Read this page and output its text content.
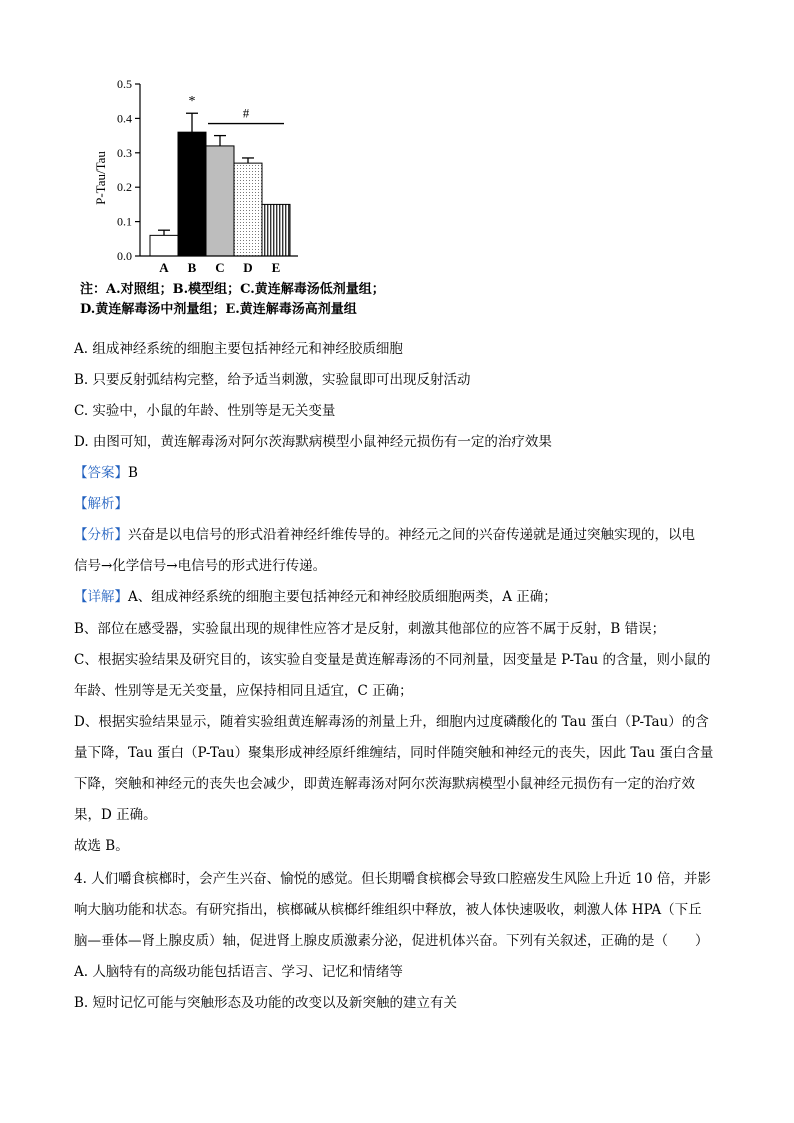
0.0
0.1
0.2
0.3
0.4
0.5
A B C D E
P-Tau/Tau
*
#
注：A.对照组；B.模型组；C.黄连解毒汤低剂量组；
D.黄连解毒汤中剂量组；E.黄连解毒汤高剂量组
A. 组成神经系统的细胞主要包括神经元和神经胶质细胞
B. 只要反射弧结构完整，给予适当刺激，实验鼠即可出现反射活动
C. 实验中，小鼠的年龄、性别等是无关变量
D. 由图可知，黄连解毒汤对阿尔茨海默病模型小鼠神经元损伤有一定的治疗效果
【答案】B
【解析】
【分析】兴奋是以电信号的形式沿着神经纤维传导的。神经元之间的兴奋传递就是通过突触实现的，以电
信号→化学信号→电信号的形式进行传递。
【详解】A、组成神经系统的细胞主要包括神经元和神经胶质细胞两类，A 正确；
B、部位在感受器，实验鼠出现的规律性应答才是反射，刺激其他部位的应答不属于反射，B 错误；
C、根据实验结果及研究目的，该实验自变量是黄连解毒汤的不同剂量，因变量是 P-Tau 的含量，则小鼠的
年龄、性别等是无关变量，应保持相同且适宜，C 正确；
D、根据实验结果显示，随着实验组黄连解毒汤的剂量上升，细胞内过度磷酸化的 Tau 蛋白（P-Tau）的含
量下降，Tau 蛋白（P-Tau）聚集形成神经原纤维缠结，同时伴随突触和神经元的丧失，因此 Tau 蛋白含量
下降，突触和神经元的丧失也会减少，即黄连解毒汤对阿尔茨海默病模型小鼠神经元损伤有一定的治疗效
果，D 正确。
故选 B。
4. 人们嚼食槟榔时，会产生兴奋、愉悦的感觉。但长期嚼食槟榔会导致口腔癌发生风险上升近 10 倍，并影
响大脑功能和状态。有研究指出，槟榔碱从槟榔纤维组织中释放，被人体快速吸收，刺激人体 HPA（下丘
脑—垂体—肾上腺皮质）轴，促进肾上腺皮质激素分泌，促进机体兴奋。下列有关叙述，正确的是（　　）
A. 人脑特有的高级功能包括语言、学习、记忆和情绪等
B. 短时记忆可能与突触形态及功能的改变以及新突触的建立有关
